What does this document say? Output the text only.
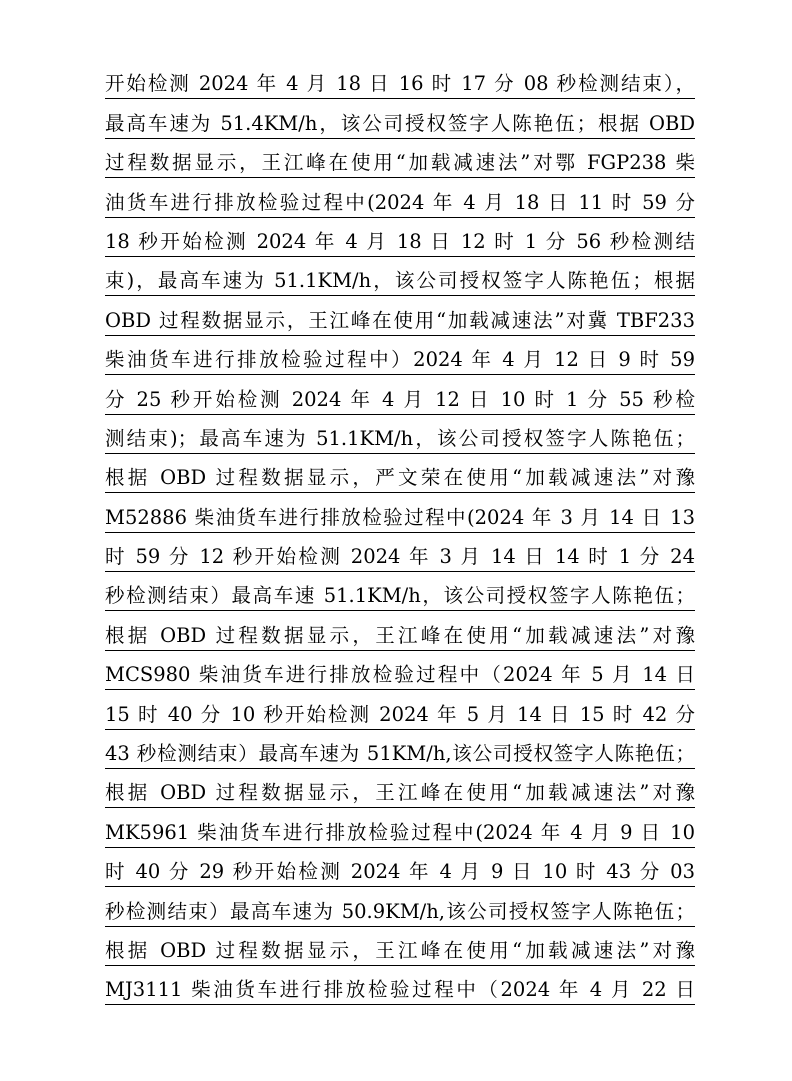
开始检测 2024 年 4 月 18 日 16 时 17 分 08 秒检测结束），
最高车速为 51.4KM/h，该公司授权签字人陈艳伍；根据 OBD
过程数据显示，王江峰在使用“加载减速法”对鄂 FGP238 柴
油货车进行排放检验过程中(2024 年 4 月 18 日 11 时 59 分
18 秒开始检测 2024 年 4 月 18 日 12 时 1 分 56 秒检测结
束)，最高车速为 51.1KM/h，该公司授权签字人陈艳伍；根据
OBD 过程数据显示，王江峰在使用“加载减速法”对冀 TBF233
柴油货车进行排放检验过程中）2024 年 4 月 12 日 9 时 59
分 25 秒开始检测 2024 年 4 月 12 日 10 时 1 分 55 秒检
测结束)；最高车速为 51.1KM/h，该公司授权签字人陈艳伍；
根据 OBD 过程数据显示，严文荣在使用“加载减速法”对豫
M52886 柴油货车进行排放检验过程中(2024 年 3 月 14 日 13
时 59 分 12 秒开始检测 2024 年 3 月 14 日 14 时 1 分 24
秒检测结束）最高车速 51.1KM/h，该公司授权签字人陈艳伍；
根据 OBD 过程数据显示，王江峰在使用“加载减速法”对豫
MCS980 柴油货车进行排放检验过程中（2024 年 5 月 14 日
15 时 40 分 10 秒开始检测 2024 年 5 月 14 日 15 时 42 分
43 秒检测结束）最高车速为 51KM/h,该公司授权签字人陈艳伍；
根据 OBD 过程数据显示，王江峰在使用“加载减速法”对豫
MK5961 柴油货车进行排放检验过程中(2024 年 4 月 9 日 10
时 40 分 29 秒开始检测 2024 年 4 月 9 日 10 时 43 分 03
秒检测结束）最高车速为 50.9KM/h,该公司授权签字人陈艳伍；
根据 OBD 过程数据显示，王江峰在使用“加载减速法”对豫
MJ3111 柴油货车进行排放检验过程中（2024 年 4 月 22 日
